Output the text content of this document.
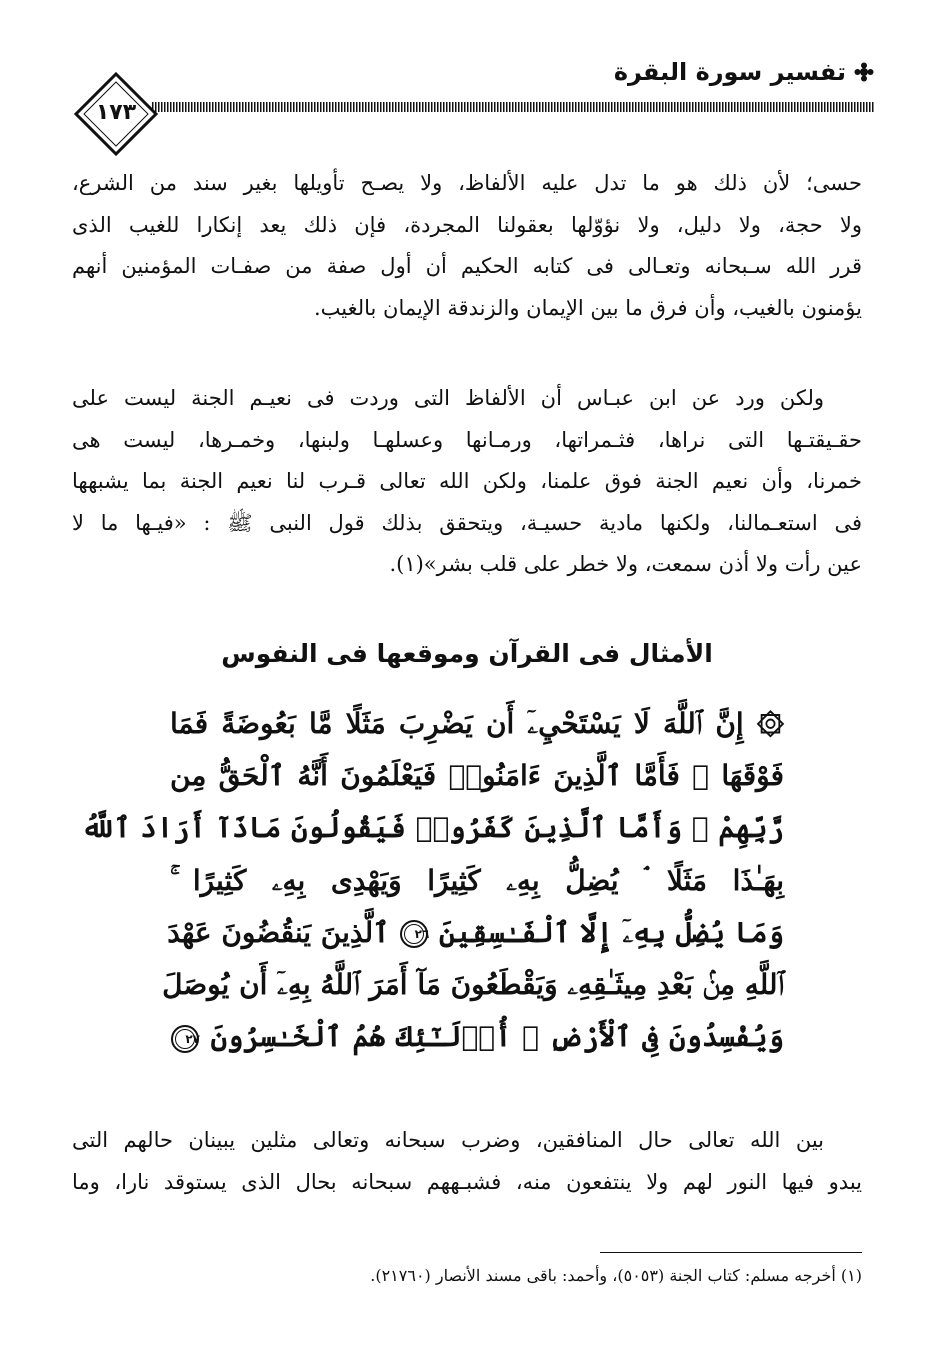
تفسير سورة البقرة
١٧٣
حسى؛ لأن ذلك هو ما تدل عليه الألفاظ، ولا يصـح تأويلها بغير سند من الشرع،
ولا حجة، ولا دليل، ولا نؤوّلها بعقولنا المجردة، فإن ذلك يعد إنكارا للغيب الذى
قرر الله سـبحانه وتعـالى فى كتابه الحكيم أن أول صفة من صفـات المؤمنين أنهم
يؤمنون بالغيب، وأن فرق ما بين الإيمان والزندقة الإيمان بالغيب.
ولكن ورد عن ابن عبـاس أن الألفاظ التى وردت فى نعيـم الجنة ليست على
حقـيقتـها التى نراها، فثـمراتها، ورمـانها وعسلهـا ولبنها، وخمـرها، ليست هى
خمرنا، وأن نعيم الجنة فوق علمنا، ولكن الله تعالى قـرب لنا نعيم الجنة بما يشبهها
فى استعـمالنا، ولكنها مادية حسيـة، ويتحقق بذلك قول النبى ﷺ : «فيـها ما لا
عين رأت ولا أذن سمعت، ولا خطر على قلب بشر»(١).
الأمثال فى القرآن وموقعها فى النفوس
۞ إِنَّ ٱللَّهَ لَا يَسْتَحْيِۦٓ أَن يَضْرِبَ مَثَلًا مَّا بَعُوضَةً فَمَا
فَوْقَهَا ۚ فَأَمَّا ٱلَّذِينَ ءَامَنُوا۟ فَيَعْلَمُونَ أَنَّهُ ٱلْحَقُّ مِن
رَّبِّهِمْ ۖ وَأَمَّا ٱلَّذِينَ كَفَرُوا۟ فَيَقُولُونَ مَاذَآ أَرَادَ ٱللَّهُ
بِهَـٰذَا مَثَلًا ۘ يُضِلُّ بِهِۦ كَثِيرًا وَيَهْدِى بِهِۦ كَثِيرًا ۚ
وَمَا يُضِلُّ بِهِۦٓ إِلَّا ٱلْفَـٰسِقِينَ
٢٦
ٱلَّذِينَ يَنقُضُونَ عَهْدَ
ٱللَّهِ مِنۢ بَعْدِ مِيثَـٰقِهِۦ وَيَقْطَعُونَ مَآ أَمَرَ ٱللَّهُ بِهِۦٓ أَن يُوصَلَ
وَيُفْسِدُونَ فِى ٱلْأَرْضِ ۚ أُو۟لَـٰٓئِكَ هُمُ ٱلْخَـٰسِرُونَ
٢٧
بين الله تعالى حال المنافقين، وضرب سبحانه وتعالى مثلين يبينان حالهم التى
يبدو فيها النور لهم ولا ينتفعون منه، فشبـههم سبحانه بحال الذى يستوقد نارا، وما
(١) أخرجه مسلم: كتاب الجنة (٥٠٥٣)، وأحمد: باقى مسند الأنصار (٢١٧٦٠).
